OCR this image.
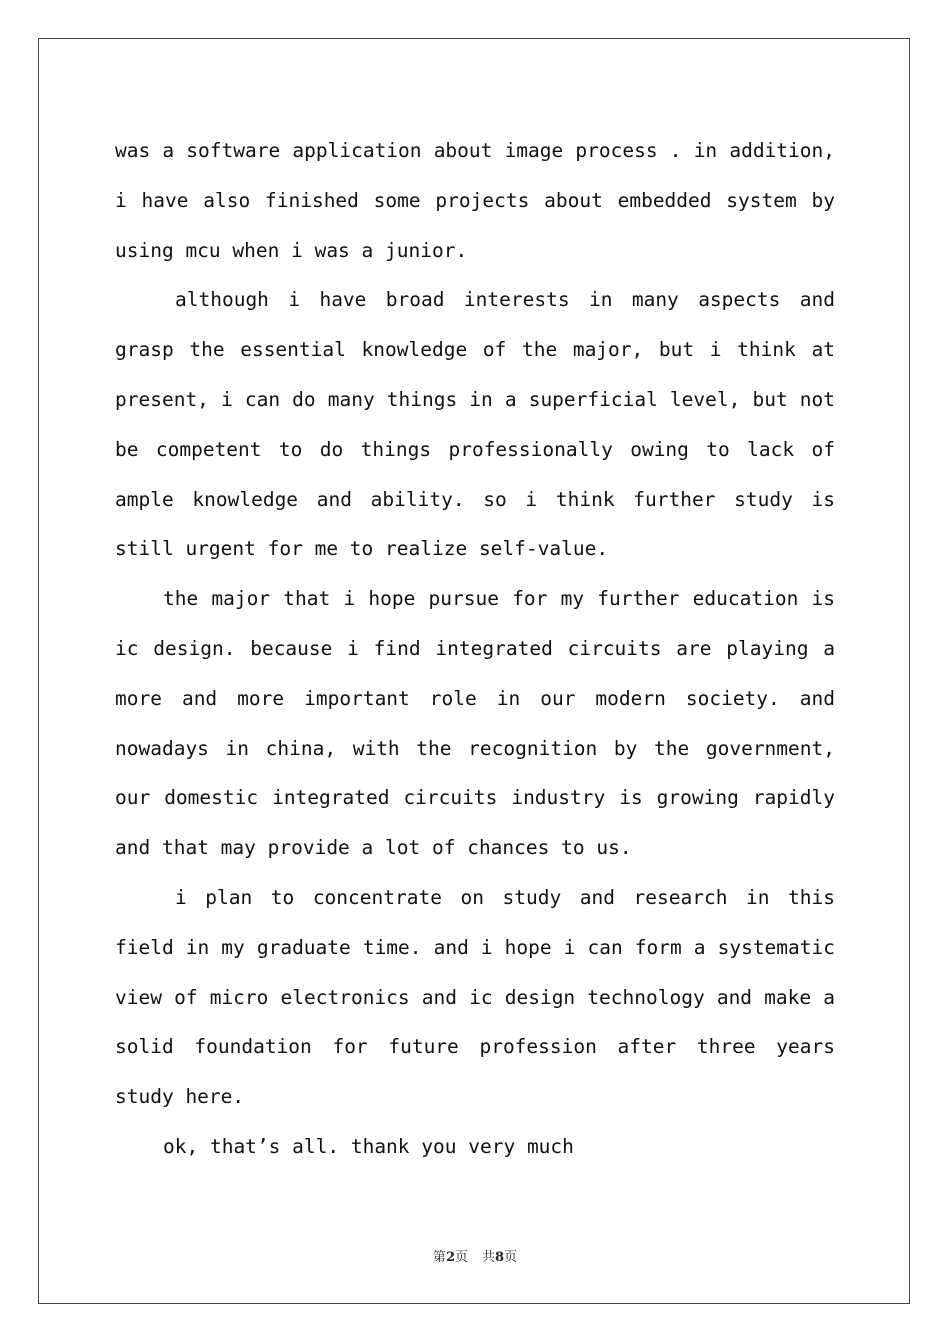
was a software application about image process . in addition, i have also finished some projects about embedded system by using mcu when i was a junior.

although i have broad interests in many aspects and grasp the essential knowledge of the major, but i think at present, i can do many things in a superficial level, but not be competent to do things professionally owing to lack of ample knowledge and ability. so i think further study is still urgent for me to realize self-value.

the major that i hope pursue for my further education is ic design. because i find integrated circuits are playing a more and more important role in our modern society. and nowadays in china, with the recognition by the government, our domestic integrated circuits industry is growing rapidly and that may provide a lot of chances to us.

i plan to concentrate on study and research in this field in my graduate time. and i hope i can form a systematic view of micro electronics and ic design technology and make a solid foundation for future profession after three years study here.

ok, that’s all. thank you very much

第2页 共8页
